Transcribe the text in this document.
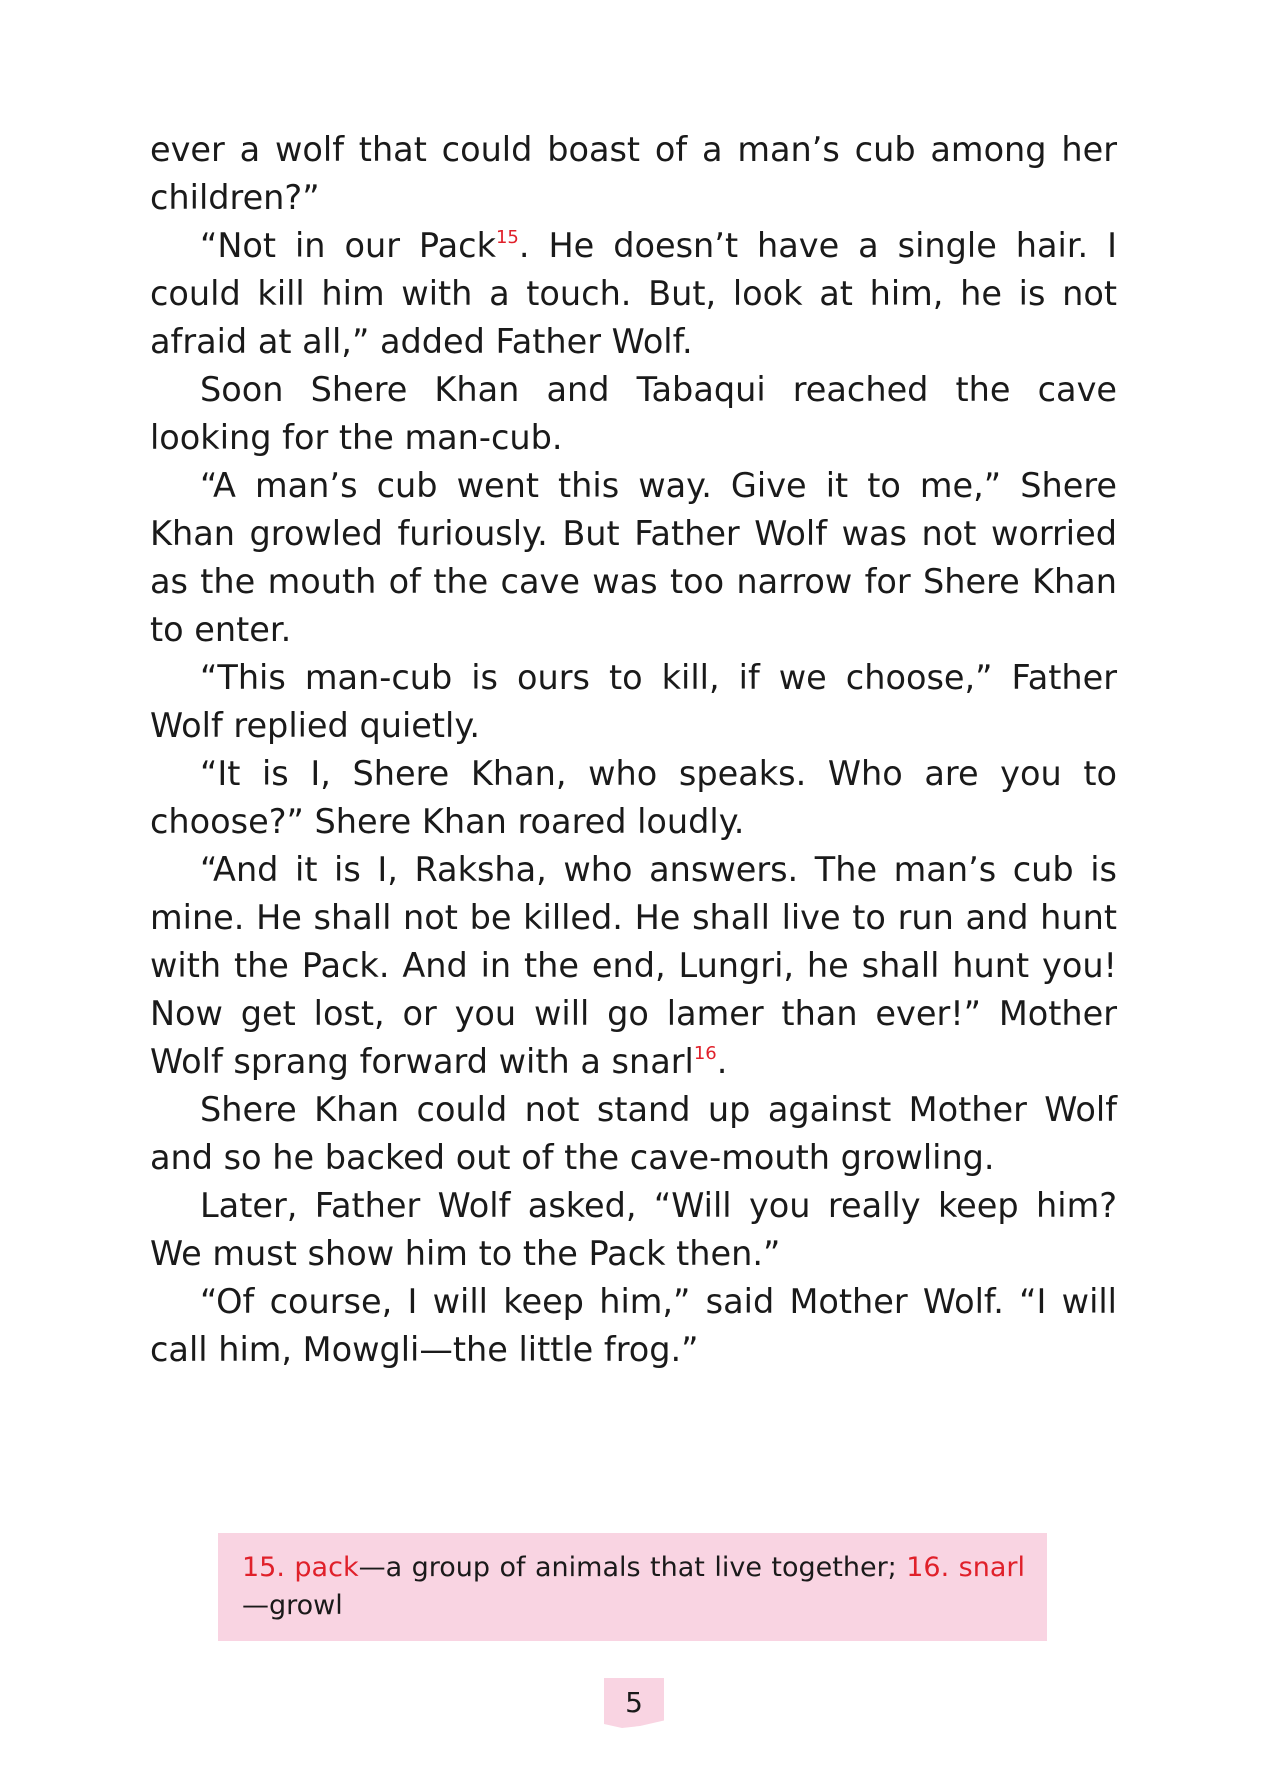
ever a wolf that could boast of a man’s cub among her children?”

“Not in our Pack$^{15}$. He doesn’t have a single hair. I could kill him with a touch. But, look at him, he is not afraid at all,” added Father Wolf.

Soon Shere Khan and Tabaqui reached the cave looking for the man-cub.

“A man’s cub went this way. Give it to me,” Shere Khan growled furiously. But Father Wolf was not worried as the mouth of the cave was too narrow for Shere Khan to enter.

“This man-cub is ours to kill, if we choose,” Father Wolf replied quietly.

“It is I, Shere Khan, who speaks. Who are you to choose?” Shere Khan roared loudly.

“And it is I, Raksha, who answers. The man’s cub is mine. He shall not be killed. He shall live to run and hunt with the Pack. And in the end, Lungri, he shall hunt you! Now get lost, or you will go lamer than ever!” Mother Wolf sprang forward with a snarl$^{16}$.

Shere Khan could not stand up against Mother Wolf and so he backed out of the cave-mouth growling.

Later, Father Wolf asked, “Will you really keep him? We must show him to the Pack then.”

“Of course, I will keep him,” said Mother Wolf. “I will call him, Mowgli—the little frog.”

15. pack—a group of animals that live together; 16. snarl—growl
5
